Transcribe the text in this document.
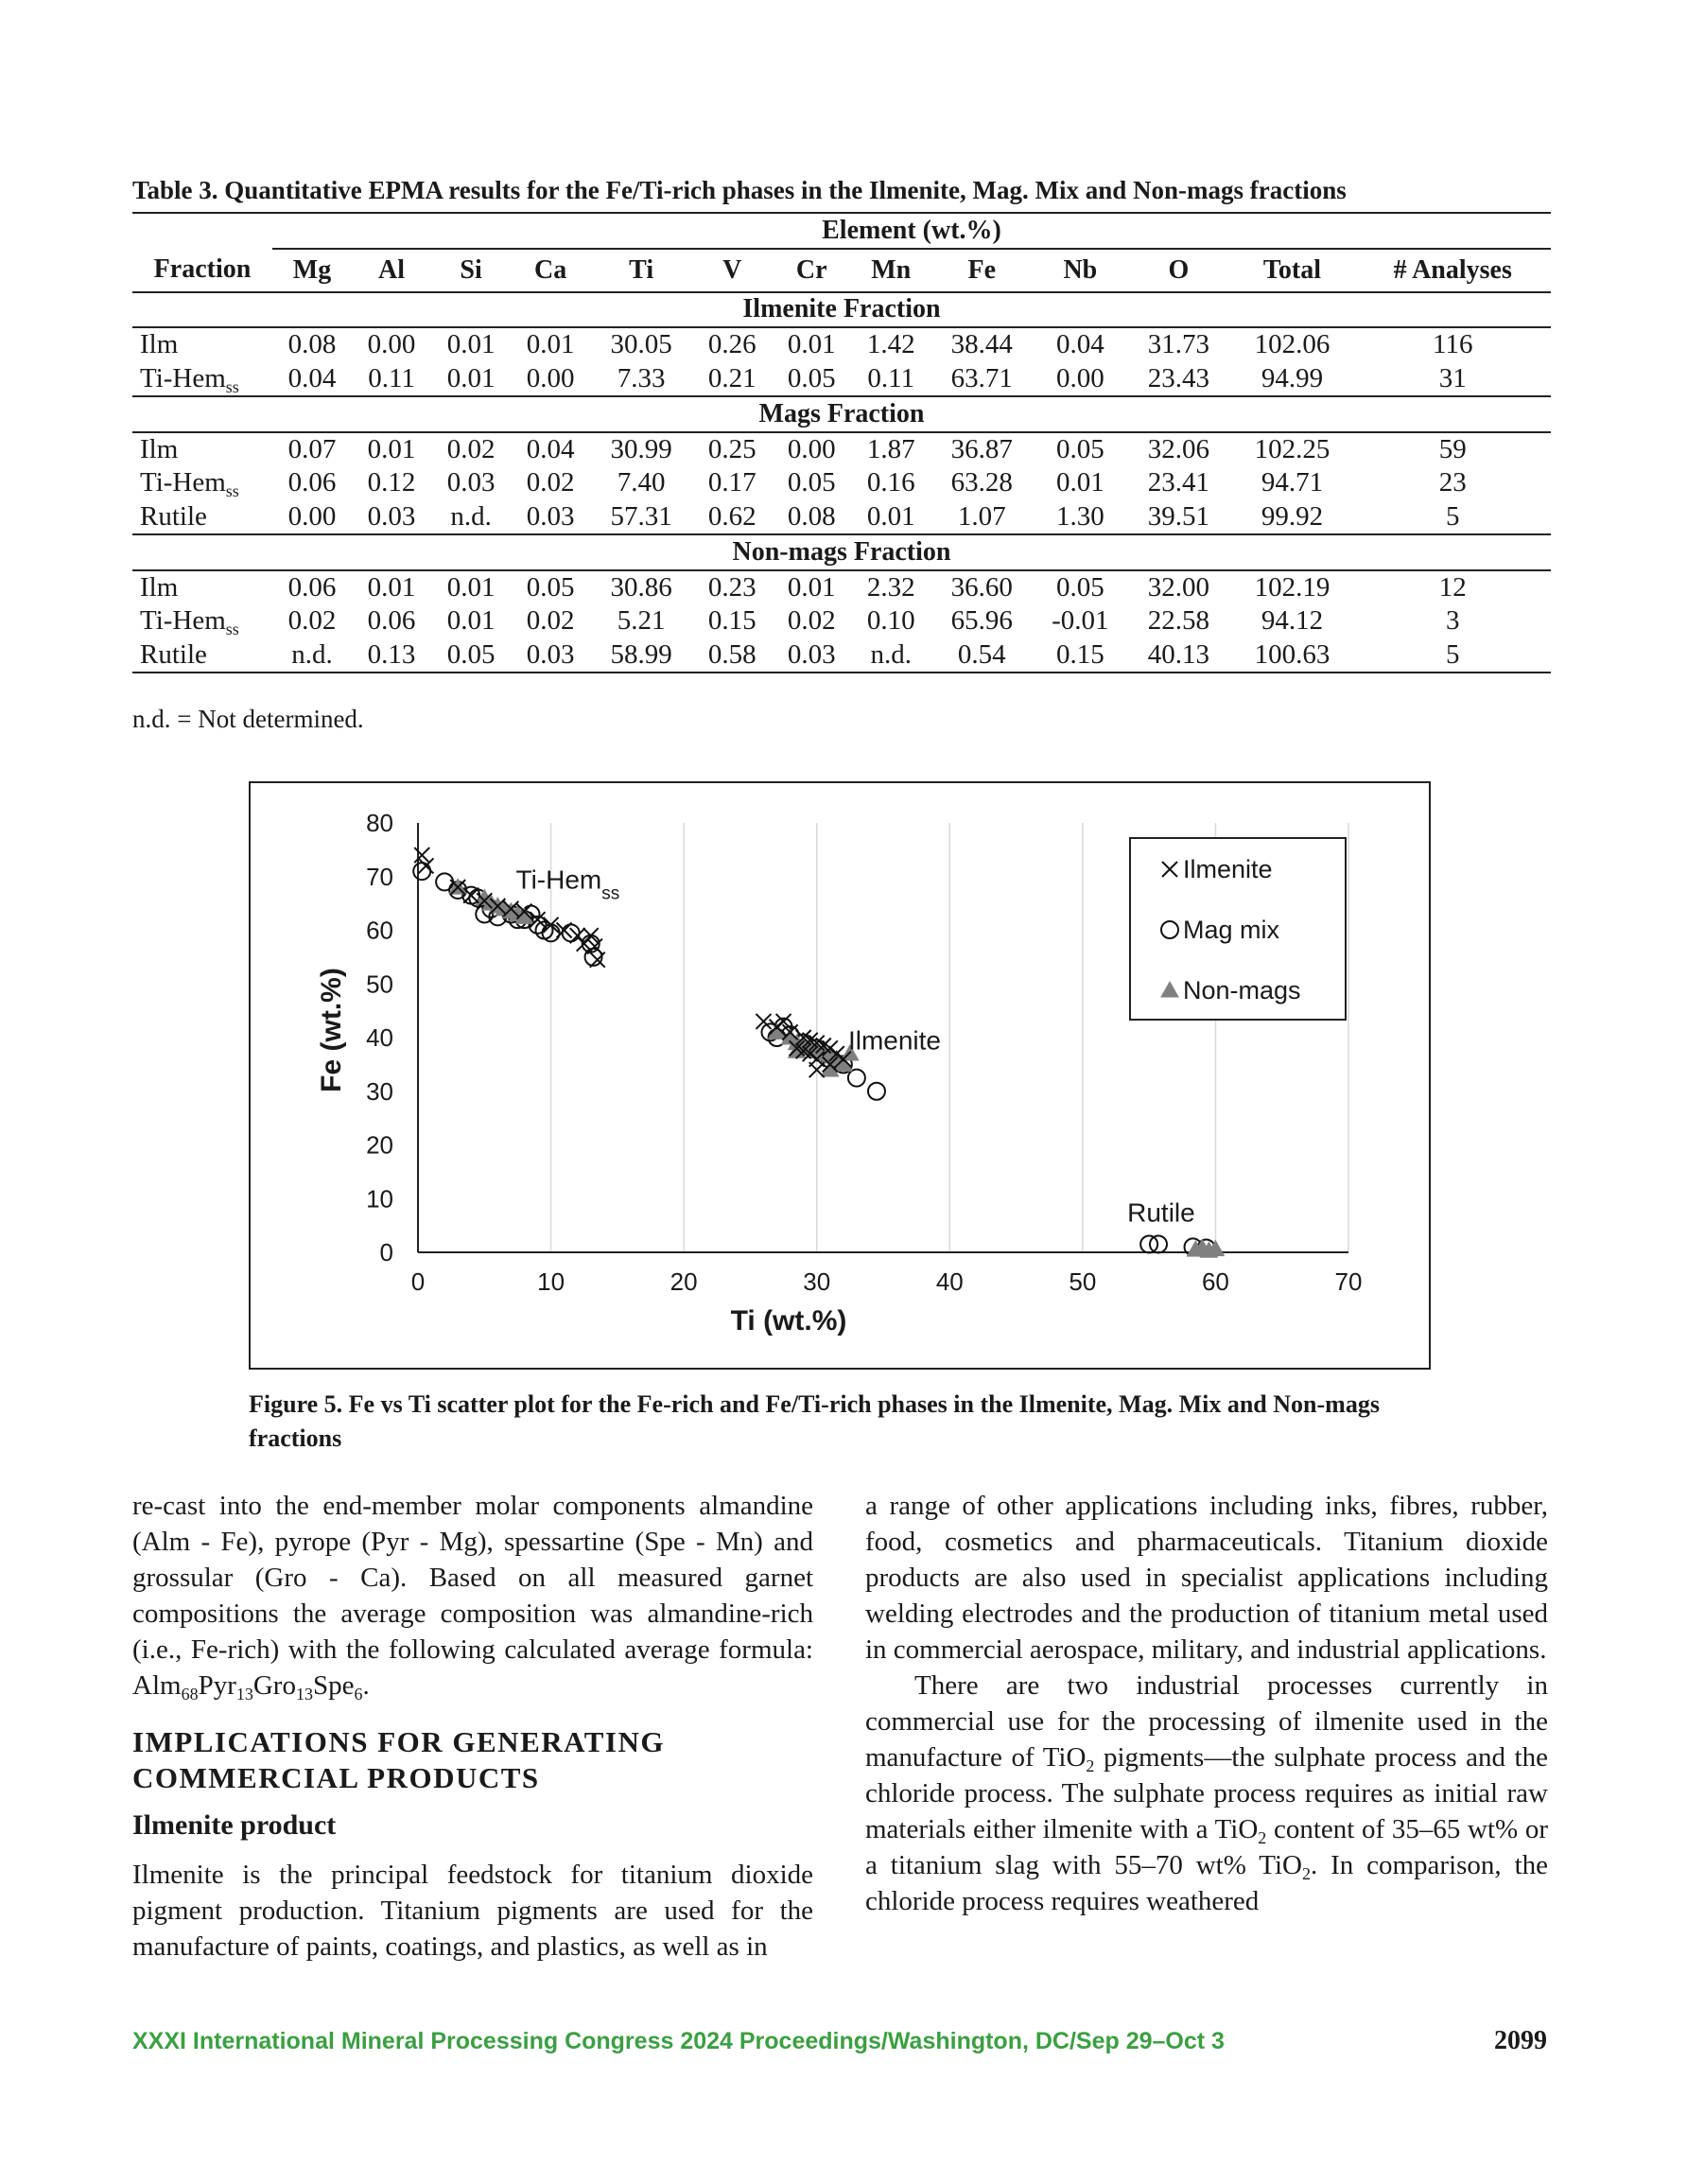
Table 3. Quantitative EPMA results for the Fe/Ti-rich phases in the Ilmenite, Mag. Mix and Non-mags fractions
	Element (wt.%)												
Fraction	Mg	Al	Si	Ca	Ti	V	Cr	Mn	Fe	Nb	O	Total	# Analyses
Ilmenite Fraction													
Ilm	0.08	0.00	0.01	0.01	30.05	0.26	0.01	1.42	38.44	0.04	31.73	102.06	116
Ti-Hem$_{ss}$	0.04	0.11	0.01	0.00	7.33	0.21	0.05	0.11	63.71	0.00	23.43	94.99	31
Mags Fraction													
Ilm	0.07	0.01	0.02	0.04	30.99	0.25	0.00	1.87	36.87	0.05	32.06	102.25	59
Ti-Hem$_{ss}$	0.06	0.12	0.03	0.02	7.40	0.17	0.05	0.16	63.28	0.01	23.41	94.71	23
Rutile	0.00	0.03	n.d.	0.03	57.31	0.62	0.08	0.01	1.07	1.30	39.51	99.92	5
Non-mags Fraction													
Ilm	0.06	0.01	0.01	0.05	30.86	0.23	0.01	2.32	36.60	0.05	32.00	102.19	12
Ti-Hem$_{ss}$	0.02	0.06	0.01	0.02	5.21	0.15	0.02	0.10	65.96	-0.01	22.58	94.12	3
Rutile	n.d.	0.13	0.05	0.03	58.99	0.58	0.03	n.d.	0.54	0.15	40.13	100.63	5
n.d. = Not determined.
0	10	20	30	40	50	60	70
0
10
20
30
40
50
60
70
80
Ti (wt.%)
Fe (wt.%)
Ti-Hem$_{ss}$
Ilmenite
Rutile
Ilmenite
Mag mix
Non-mags
Figure 5. Fe vs Ti scatter plot for the Fe-rich and Fe/Ti-rich phases in the Ilmenite, Mag. Mix and Non-mags fractions

re-cast into the end-member molar components almandine (Alm - Fe), pyrope (Pyr - Mg), spessartine (Spe - Mn) and grossular (Gro - Ca). Based on all measured garnet compositions the average composition was almandine-rich (i.e., Fe-rich) with the following calculated average formula: Alm$_{68}$Pyr$_{13}$Gro$_{13}$Spe$_6$.

IMPLICATIONS FOR GENERATING
COMMERCIAL PRODUCTS

Ilmenite product

Ilmenite is the principal feedstock for titanium dioxide pigment production. Titanium pigments are used for the manufacture of paints, coatings, and plastics, as well as in

a range of other applications including inks, fibres, rubber, food, cosmetics and pharmaceuticals. Titanium dioxide products are also used in specialist applications including welding electrodes and the production of titanium metal used in commercial aerospace, military, and industrial applications.

There are two industrial processes currently in commercial use for the processing of ilmenite used in the manufacture of TiO$_2$ pigments—the sulphate process and the chloride process. The sulphate process requires as initial raw materials either ilmenite with a TiO$_2$ content of 35–65 wt% or a titanium slag with 55–70 wt% TiO$_2$. In comparison, the chloride process requires weathered

XXXI International Mineral Processing Congress 2024 Proceedings/Washington, DC/Sep 29–Oct 3	2099
